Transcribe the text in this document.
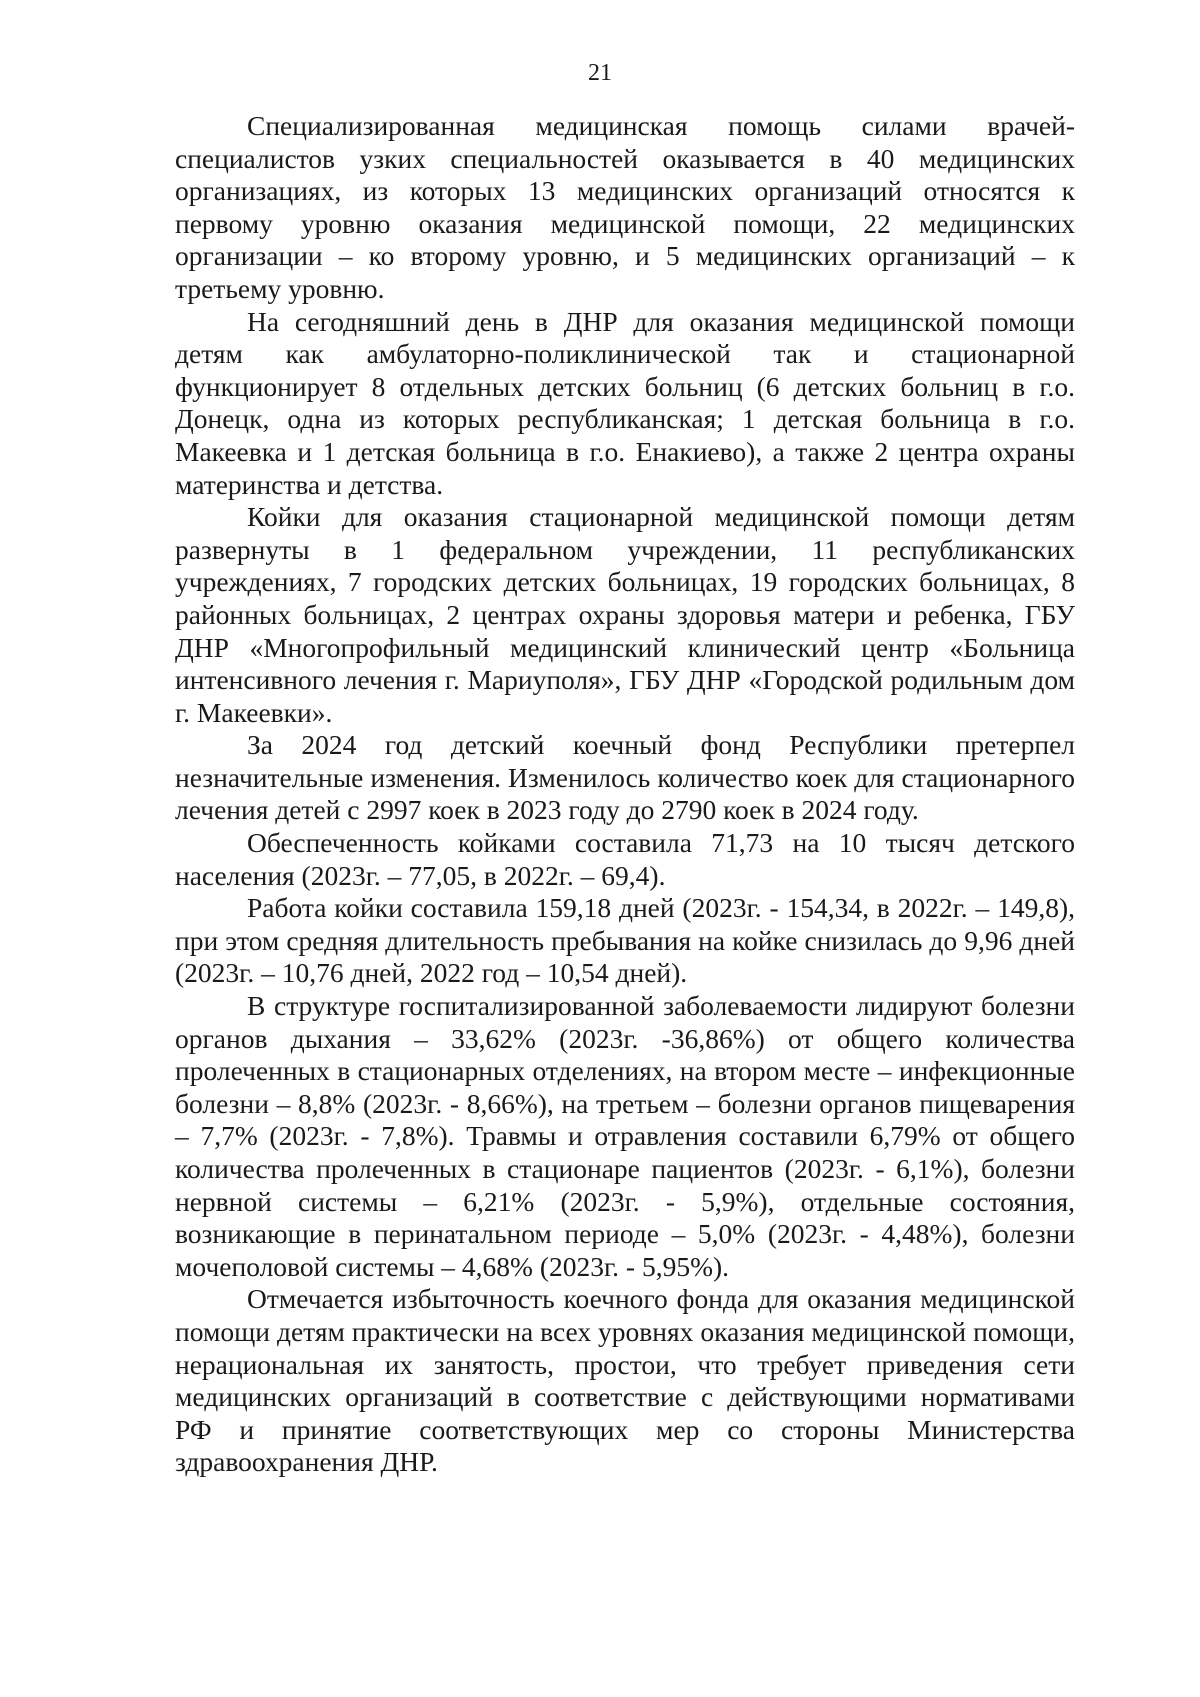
21

Специализированная медицинская помощь силами врачей-специалистов узких специальностей оказывается в 40 медицинских организациях, из которых 13 медицинских организаций относятся к первому уровню оказания медицинской помощи, 22 медицинских организации – ко второму уровню, и 5 медицинских организаций – к третьему уровню.

На сегодняшний день в ДНР для оказания медицинской помощи детям как амбулаторно-поликлинической так и стационарной функционирует 8 отдельных детских больниц (6 детских больниц в г.о. Донецк, одна из которых республиканская; 1 детская больница в г.о. Макеевка и 1 детская больница в г.о. Енакиево), а также 2 центра охраны материнства и детства.

Койки для оказания стационарной медицинской помощи детям развернуты в 1 федеральном учреждении, 11 республиканских учреждениях, 7 городских детских больницах, 19 городских больницах, 8 районных больницах, 2 центрах охраны здоровья матери и ребенка, ГБУ ДНР «Многопрофильный медицинский клинический центр «Больница интенсивного лечения г. Мариуполя», ГБУ ДНР «Городской родильным дом г. Макеевки».

За 2024 год детский коечный фонд Республики претерпел незначительные изменения. Изменилось количество коек для стационарного лечения детей с 2997 коек в 2023 году до 2790 коек в 2024 году.

Обеспеченность койками составила 71,73 на 10 тысяч детского населения (2023г. – 77,05, в 2022г. – 69,4).

Работа койки составила 159,18 дней (2023г. - 154,34, в 2022г. – 149,8), при этом средняя длительность пребывания на койке снизилась до 9,96 дней (2023г. – 10,76 дней, 2022 год – 10,54 дней).

В структуре госпитализированной заболеваемости лидируют болезни органов дыхания – 33,62% (2023г. -36,86%) от общего количества пролеченных в стационарных отделениях, на втором месте – инфекционные болезни – 8,8% (2023г. - 8,66%), на третьем – болезни органов пищеварения – 7,7% (2023г. - 7,8%). Травмы и отравления составили 6,79% от общего количества пролеченных в стационаре пациентов (2023г. - 6,1%), болезни нервной системы – 6,21% (2023г. - 5,9%), отдельные состояния, возникающие в перинатальном периоде – 5,0% (2023г. - 4,48%), болезни мочеполовой системы – 4,68% (2023г. - 5,95%).

Отмечается избыточность коечного фонда для оказания медицинской помощи детям практически на всех уровнях оказания медицинской помощи, нерациональная их занятость, простои, что требует приведения сети медицинских организаций в соответствие с действующими нормативами РФ и принятие соответствующих мер со стороны Министерства здравоохранения ДНР.
